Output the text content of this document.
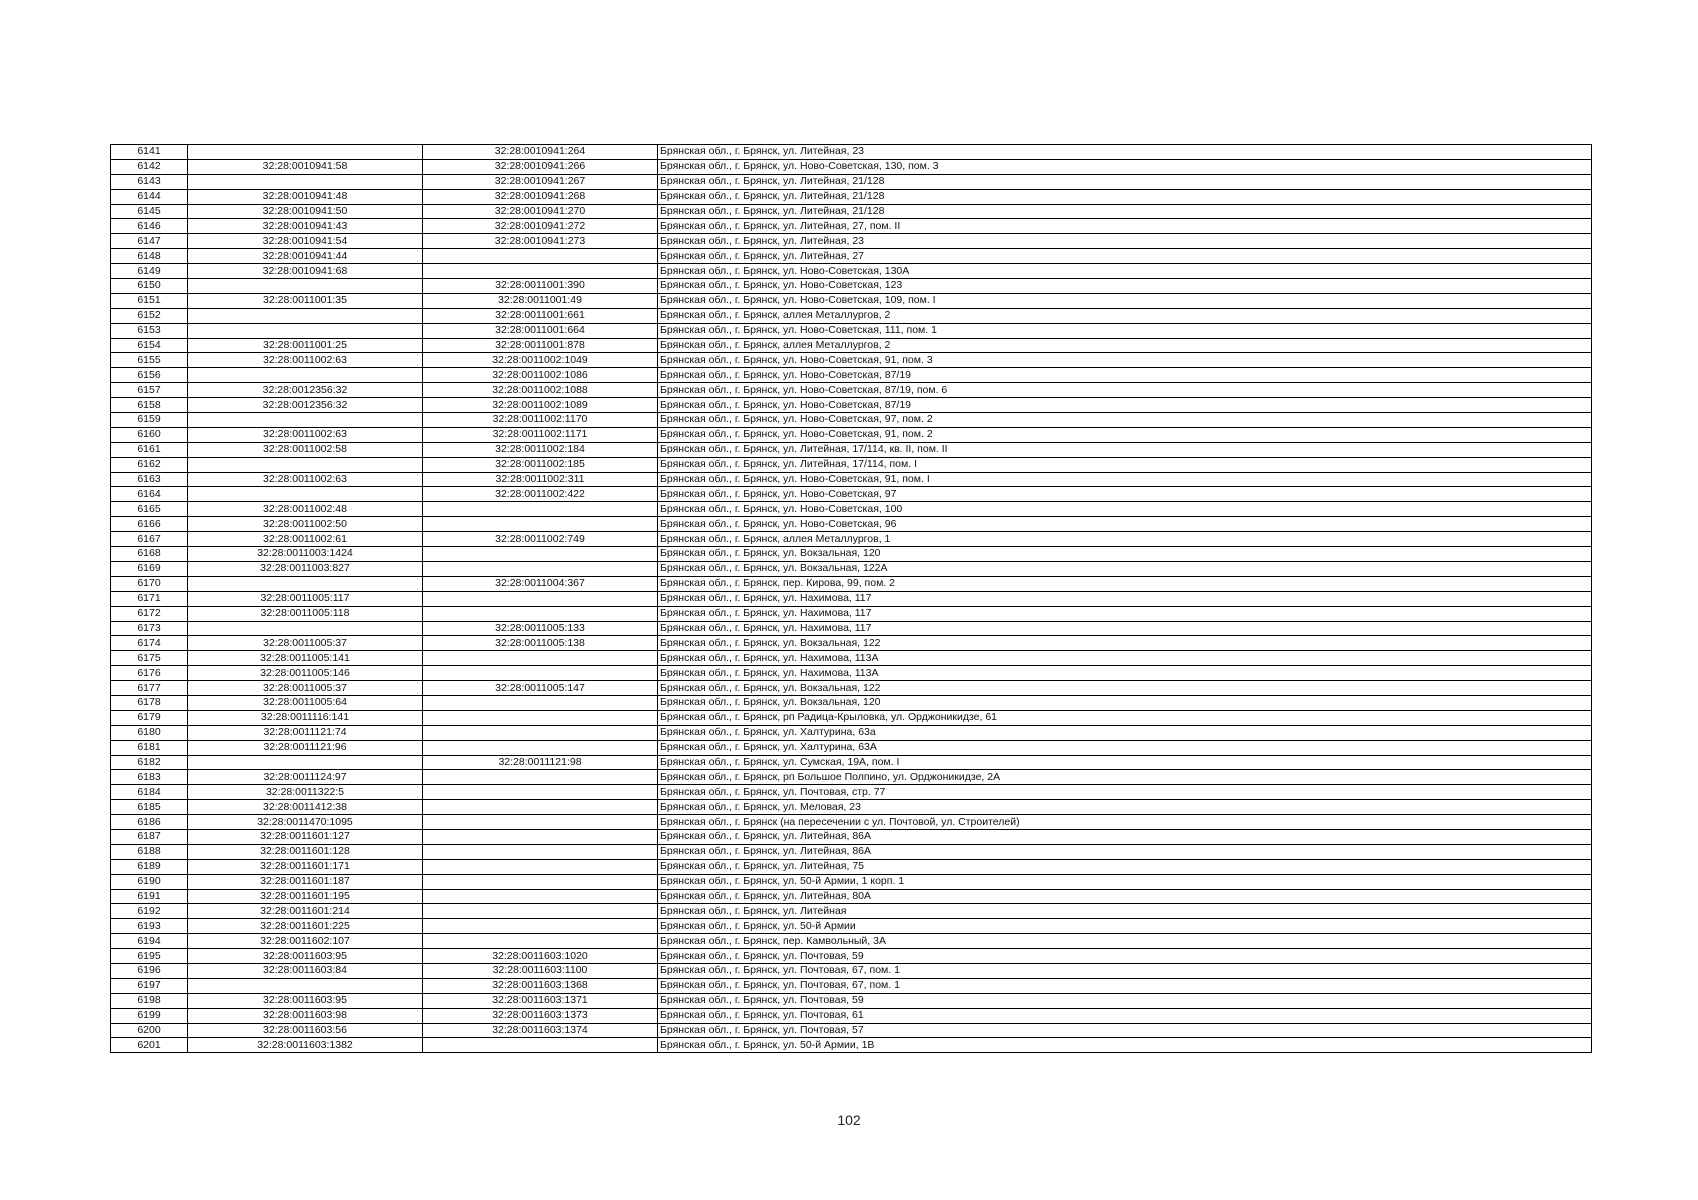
6141		32:28:0010941:264	Брянская обл., г. Брянск, ул. Литейная, 23
6142	32:28:0010941:58	32:28:0010941:266	Брянская обл., г. Брянск, ул. Ново-Советская, 130, пом. 3
6143		32:28:0010941:267	Брянская обл., г. Брянск, ул. Литейная, 21/128
6144	32:28:0010941:48	32:28:0010941:268	Брянская обл., г. Брянск, ул. Литейная, 21/128
6145	32:28:0010941:50	32:28:0010941:270	Брянская обл., г. Брянск, ул. Литейная, 21/128
6146	32:28:0010941:43	32:28:0010941:272	Брянская обл., г. Брянск, ул. Литейная, 27, пом. II
6147	32:28:0010941:54	32:28:0010941:273	Брянская обл., г. Брянск, ул. Литейная, 23
6148	32:28:0010941:44		Брянская обл., г. Брянск, ул. Литейная, 27
6149	32:28:0010941:68		Брянская обл., г. Брянск, ул. Ново-Советская, 130А
6150		32:28:0011001:390	Брянская обл., г. Брянск, ул. Ново-Советская, 123
6151	32:28:0011001:35	32:28:0011001:49	Брянская обл., г. Брянск, ул. Ново-Советская, 109, пом. I
6152		32:28:0011001:661	Брянская обл., г. Брянск, аллея Металлургов, 2
6153		32:28:0011001:664	Брянская обл., г. Брянск, ул. Ново-Советская, 111, пом. 1
6154	32:28:0011001:25	32:28:0011001:878	Брянская обл., г. Брянск, аллея Металлургов, 2
6155	32:28:0011002:63	32:28:0011002:1049	Брянская обл., г. Брянск, ул. Ново-Советская, 91, пом. 3
6156		32:28:0011002:1086	Брянская обл., г. Брянск, ул. Ново-Советская, 87/19
6157	32:28:0012356:32	32:28:0011002:1088	Брянская обл., г. Брянск, ул. Ново-Советская, 87/19, пом. 6
6158	32:28:0012356:32	32:28:0011002:1089	Брянская обл., г. Брянск, ул. Ново-Советская, 87/19
6159		32:28:0011002:1170	Брянская обл., г. Брянск, ул. Ново-Советская, 97, пом. 2
6160	32:28:0011002:63	32:28:0011002:1171	Брянская обл., г. Брянск, ул. Ново-Советская, 91, пом. 2
6161	32:28:0011002:58	32:28:0011002:184	Брянская обл., г. Брянск, ул. Литейная, 17/114, кв. II, пом. II
6162		32:28:0011002:185	Брянская обл., г. Брянск, ул. Литейная, 17/114, пом. I
6163	32:28:0011002:63	32:28:0011002:311	Брянская обл., г. Брянск, ул. Ново-Советская, 91, пом. I
6164		32:28:0011002:422	Брянская обл., г. Брянск, ул. Ново-Советская, 97
6165	32:28:0011002:48		Брянская обл., г. Брянск, ул. Ново-Советская, 100
6166	32:28:0011002:50		Брянская обл., г. Брянск, ул. Ново-Советская, 96
6167	32:28:0011002:61	32:28:0011002:749	Брянская обл., г. Брянск, аллея Металлургов, 1
6168	32:28:0011003:1424		Брянская обл., г. Брянск, ул. Вокзальная, 120
6169	32:28:0011003:827		Брянская обл., г. Брянск, ул. Вокзальная, 122А
6170		32:28:0011004:367	Брянская обл., г. Брянск, пер. Кирова, 99, пом. 2
6171	32:28:0011005:117		Брянская обл., г. Брянск, ул. Нахимова, 117
6172	32:28:0011005:118		Брянская обл., г. Брянск, ул. Нахимова, 117
6173		32:28:0011005:133	Брянская обл., г. Брянск, ул. Нахимова, 117
6174	32:28:0011005:37	32:28:0011005:138	Брянская обл., г. Брянск, ул. Вокзальная, 122
6175	32:28:0011005:141		Брянская обл., г. Брянск, ул. Нахимова, 113А
6176	32:28:0011005:146		Брянская обл., г. Брянск, ул. Нахимова, 113А
6177	32:28:0011005:37	32:28:0011005:147	Брянская обл., г. Брянск, ул. Вокзальная, 122
6178	32:28:0011005:64		Брянская обл., г. Брянск, ул. Вокзальная, 120
6179	32:28:0011116:141		Брянская обл., г. Брянск, рп Радица-Крыловка, ул. Орджоникидзе, 61
6180	32:28:0011121:74		Брянская обл., г. Брянск, ул. Халтурина, 63а
6181	32:28:0011121:96		Брянская обл., г. Брянск, ул. Халтурина, 63А
6182		32:28:0011121:98	Брянская обл., г. Брянск, ул. Сумская, 19А, пом. I
6183	32:28:0011124:97		Брянская обл., г. Брянск, рп Большое Полпино, ул. Орджоникидзе, 2А
6184	32:28:0011322:5		Брянская обл., г. Брянск, ул. Почтовая, стр. 77
6185	32:28:0011412:38		Брянская обл., г. Брянск, ул. Меловая, 23
6186	32:28:0011470:1095		Брянская обл., г. Брянск (на пересечении с ул. Почтовой, ул. Строителей)
6187	32:28:0011601:127		Брянская обл., г. Брянск, ул. Литейная, 86А
6188	32:28:0011601:128		Брянская обл., г. Брянск, ул. Литейная, 86А
6189	32:28:0011601:171		Брянская обл., г. Брянск, ул. Литейная, 75
6190	32:28:0011601:187		Брянская обл., г. Брянск, ул. 50-й Армии, 1 корп. 1
6191	32:28:0011601:195		Брянская обл., г. Брянск, ул. Литейная, 80А
6192	32:28:0011601:214		Брянская обл., г. Брянск, ул. Литейная
6193	32:28:0011601:225		Брянская обл., г. Брянск, ул. 50-й Армии
6194	32:28:0011602:107		Брянская обл., г. Брянск, пер. Камвольный, 3А
6195	32:28:0011603:95	32:28:0011603:1020	Брянская обл., г. Брянск, ул. Почтовая, 59
6196	32:28:0011603:84	32:28:0011603:1100	Брянская обл., г. Брянск, ул. Почтовая, 67, пом. 1
6197		32:28:0011603:1368	Брянская обл., г. Брянск, ул. Почтовая, 67, пом. 1
6198	32:28:0011603:95	32:28:0011603:1371	Брянская обл., г. Брянск, ул. Почтовая, 59
6199	32:28:0011603:98	32:28:0011603:1373	Брянская обл., г. Брянск, ул. Почтовая, 61
6200	32:28:0011603:56	32:28:0011603:1374	Брянская обл., г. Брянск, ул. Почтовая, 57
6201	32:28:0011603:1382		Брянская обл., г. Брянск, ул. 50-й Армии, 1В
102
